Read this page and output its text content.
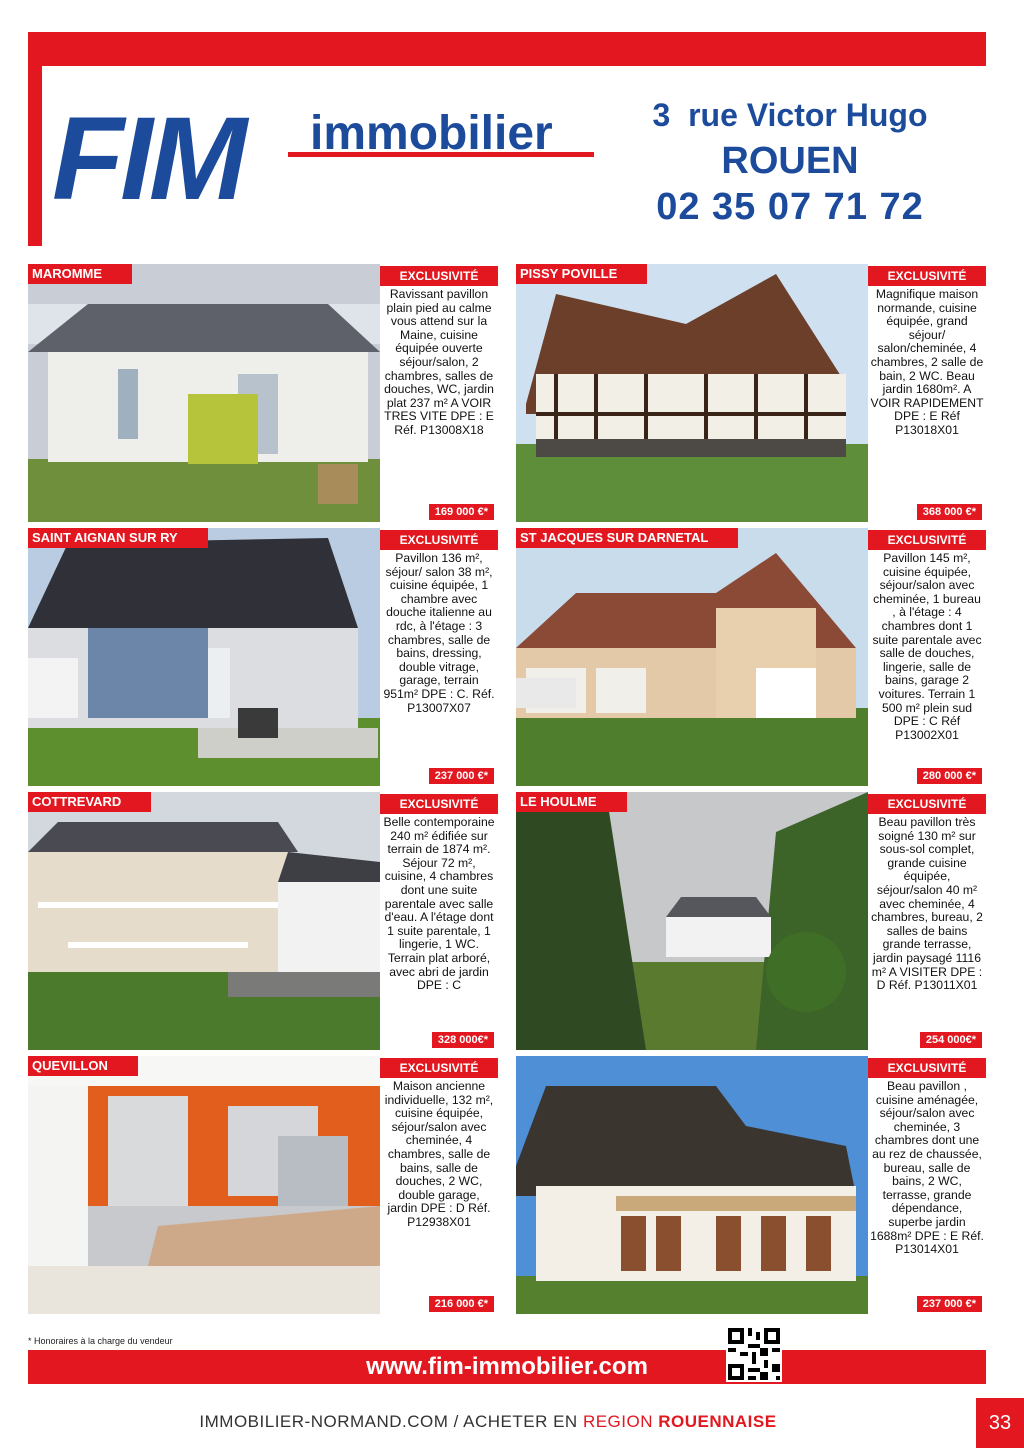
FIM immobilier	3  rue Victor Hugo
ROUEN
02 35 07 71 72
MAROMME	EXCLUSIVITÉ
Ravissant pavillon plain pied au calme vous attend sur la Maine, cuisine équipée ouverte séjour/salon, 2 chambres, salles de douches, WC, jardin plat 237 m² A VOIR TRES VITE DPE : E Réf. P13008X18
169 000 €*
PISSY POVILLE	EXCLUSIVITÉ
Magnifique maison normande, cuisine équipée, grand séjour/ salon/cheminée, 4 chambres, 2 salle de bain, 2 WC. Beau jardin 1680m². A VOIR RAPIDEMENT DPE : E Réf P13018X01
368 000 €*
SAINT AIGNAN SUR RY	EXCLUSIVITÉ
Pavillon 136 m², séjour/ salon 38 m², cuisine équipée, 1 chambre avec douche italienne au rdc, à l'étage : 3 chambres, salle de bains, dressing, double vitrage, garage, terrain 951m² DPE : C. Réf. P13007X07
237 000 €*
ST JACQUES SUR DARNETAL	EXCLUSIVITÉ
Pavillon 145 m², cuisine équipée, séjour/salon avec cheminée, 1 bureau , à l'étage : 4 chambres dont 1 suite parentale avec salle de douches, lingerie, salle de bains, garage 2 voitures. Terrain 1 500 m² plein sud DPE : C Réf P13002X01
280 000 €*
COTTREVARD	EXCLUSIVITÉ
Belle contemporaine 240 m² édifiée sur terrain de 1874 m². Séjour 72 m², cuisine, 4 chambres dont une suite parentale avec salle d'eau. A l'étage dont 1 suite parentale, 1 lingerie, 1 WC. Terrain plat arboré, avec abri de jardin DPE : C
328 000€*
LE HOULME	EXCLUSIVITÉ
Beau pavillon très soigné 130 m² sur sous-sol complet, grande cuisine équipée, séjour/salon 40 m² avec cheminée, 4 chambres, bureau, 2 salles de bains grande terrasse, jardin paysagé 1116 m² A VISITER DPE : D Réf. P13011X01
254 000€*
QUEVILLON	EXCLUSIVITÉ
Maison ancienne individuelle, 132 m², cuisine équipée, séjour/salon avec cheminée, 4 chambres, salle de bains, salle de douches, 2 WC, double garage, jardin DPE : D Réf. P12938X01
216 000 €*
EXCLUSIVITÉ
Beau pavillon , cuisine aménagée, séjour/salon avec cheminée, 3 chambres dont une au rez de chaussée, bureau, salle de bains, 2 WC, terrasse, grande dépendance, superbe jardin 1688m² DPE : E Réf. P13014X01
237 000 €*
* Honoraires à la charge du vendeur
www.fim-immobilier.com
IMMOBILIER-NORMAND.COM / ACHETER EN REGION ROUENNAISE	33
